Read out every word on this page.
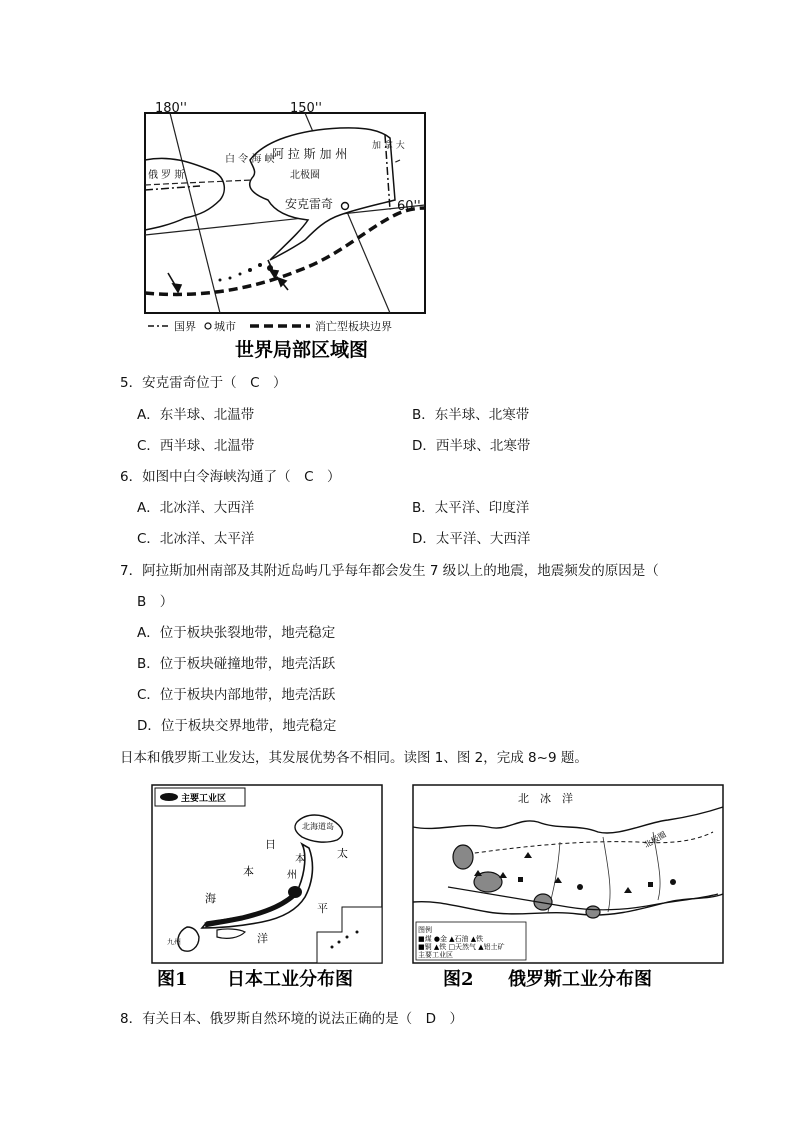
180''	150''
60''
阿 拉 斯 加 州
加 拿 大
俄 罗 斯
白 令 海 峡
北极圈
安克雷奇
国界 城市	消亡型板块边界
世界局部区域图
5．安克雷奇位于（　C　）
A．东半球、北温带	B．东半球、北寒带
C．西半球、北温带	D．西半球、北寒带
6．如图中白令海峡沟通了（　C　）
A．北冰洋、大西洋	B．太平洋、印度洋
C．北冰洋、太平洋	D．太平洋、大西洋
7．阿拉斯加州南部及其附近岛屿几乎每年都会发生 7 级以上的地震，地震频发的原因是（
B　）
A．位于板块张裂地带，地壳稳定
B．位于板块碰撞地带，地壳活跃
C．位于板块内部地带，地壳活跃
D．位于板块交界地带，地壳稳定
日本和俄罗斯工业发达，其发展优势各不相同。读图 1、图 2，完成 8~9 题。
主要工业区
北海道岛
九州
日
本
海
太
平
洋
本
州
图1 日本工业分布图
北　冰　洋
北极圈
图例
■煤 ●金 ▲石油 ▲铁
■铜 ▲铁 □天然气 ▲铝土矿
主要工业区
图2 俄罗斯工业分布图
8．有关日本、俄罗斯自然环境的说法正确的是（　D　）
